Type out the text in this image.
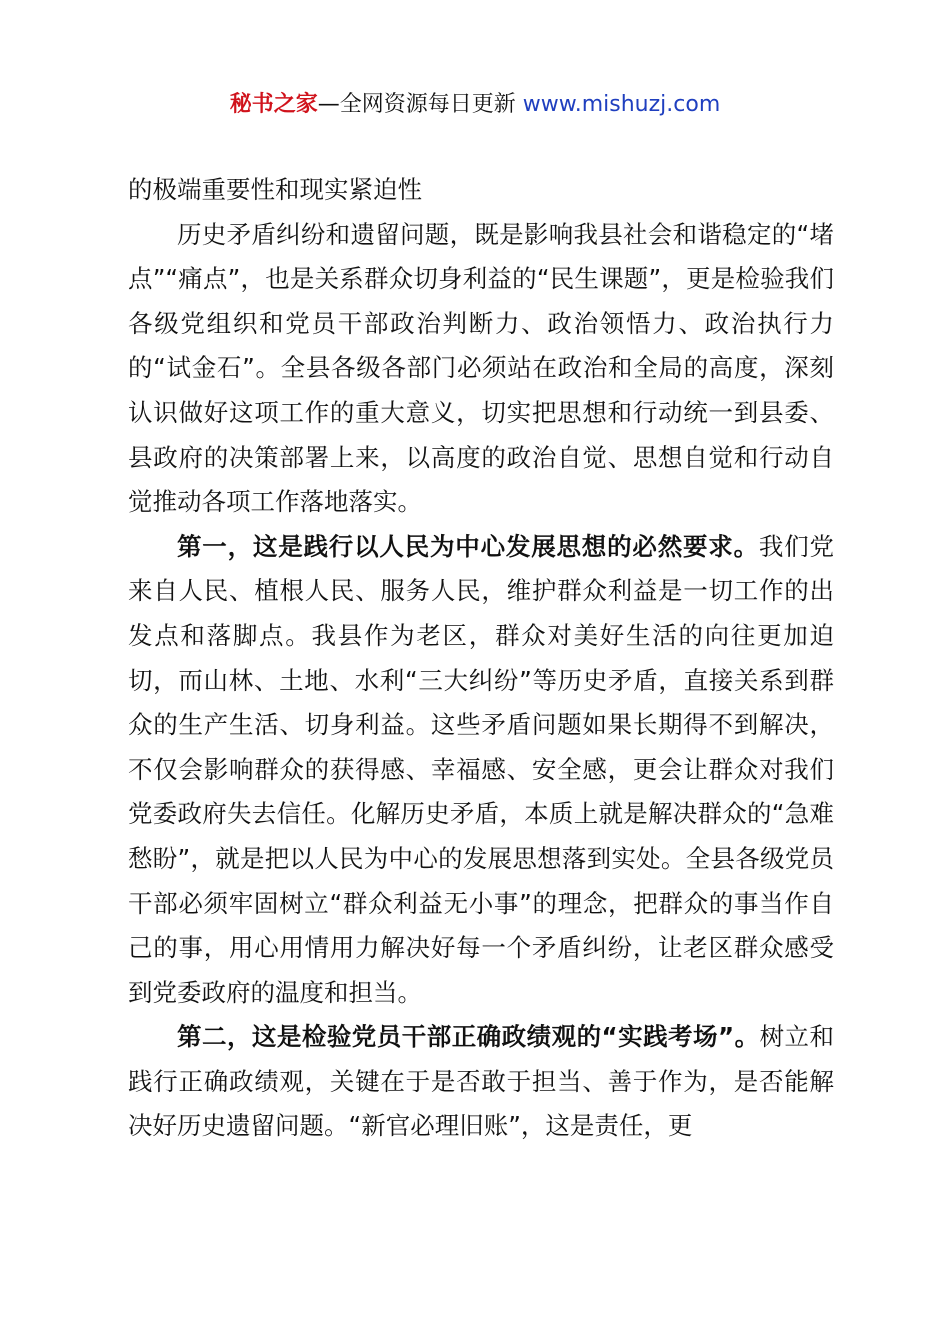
秘书之家—全网资源每日更新 www.mishuzj.com

的极端重要性和现实紧迫性

历史矛盾纠纷和遗留问题，既是影响我县社会和谐稳定的“堵点”“痛点”，也是关系群众切身利益的“民生课题”，更是检验我们各级党组织和党员干部政治判断力、政治领悟力、政治执行力的“试金石”。全县各级各部门必须站在政治和全局的高度，深刻认识做好这项工作的重大意义，切实把思想和行动统一到县委、县政府的决策部署上来，以高度的政治自觉、思想自觉和行动自觉推动各项工作落地落实。

第一，这是践行以人民为中心发展思想的必然要求。我们党来自人民、植根人民、服务人民，维护群众利益是一切工作的出发点和落脚点。我县作为老区，群众对美好生活的向往更加迫切，而山林、土地、水利“三大纠纷”等历史矛盾，直接关系到群众的生产生活、切身利益。这些矛盾问题如果长期得不到解决，不仅会影响群众的获得感、幸福感、安全感，更会让群众对我们党委政府失去信任。化解历史矛盾，本质上就是解决群众的“急难愁盼”，就是把以人民为中心的发展思想落到实处。全县各级党员干部必须牢固树立“群众利益无小事”的理念，把群众的事当作自己的事，用心用情用力解决好每一个矛盾纠纷，让老区群众感受到党委政府的温度和担当。

第二，这是检验党员干部正确政绩观的“实践考场”。树立和践行正确政绩观，关键在于是否敢于担当、善于作为，是否能解决好历史遗留问题。“新官必理旧账”，这是责任，更
